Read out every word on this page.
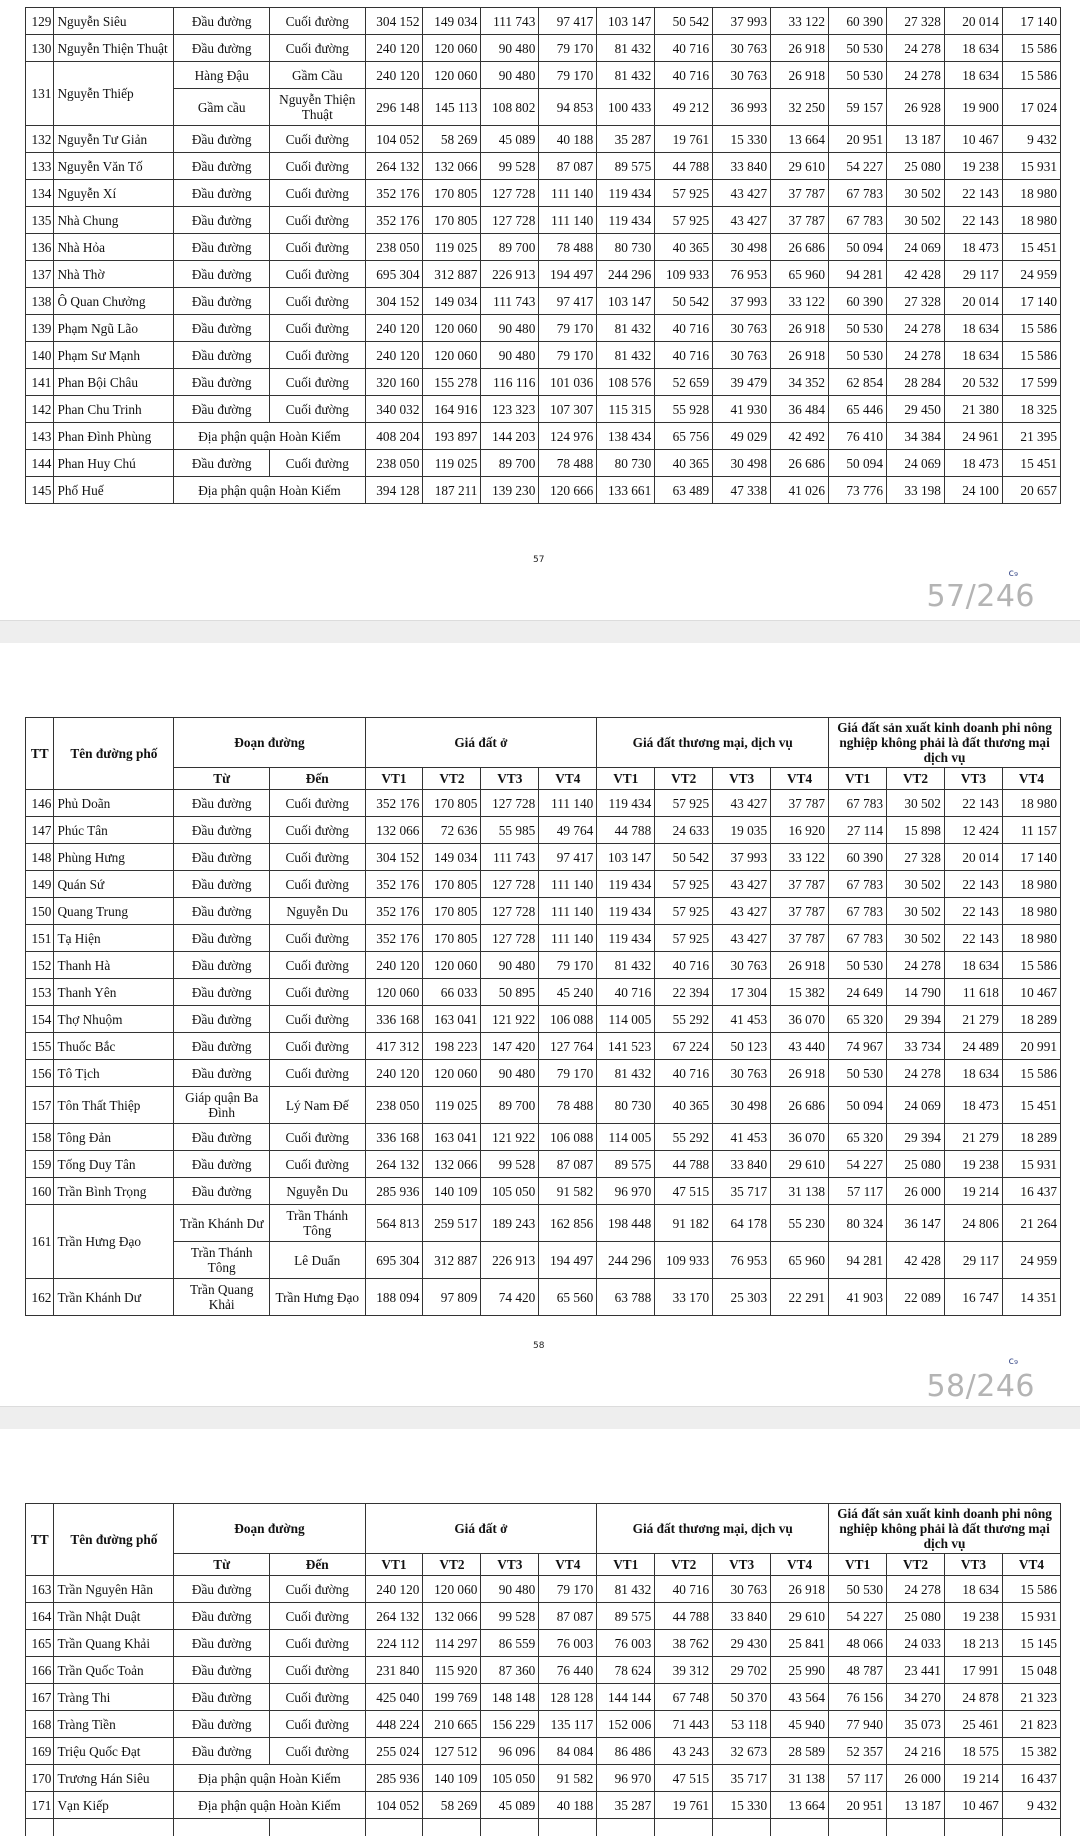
129	Nguyễn Siêu	Đầu đường	Cuối đường	304 152	149 034	111 743	97 417	103 147	50 542	37 993	33 122	60 390	27 328	20 014	17 140
130	Nguyễn Thiện Thuật	Đầu đường	Cuối đường	240 120	120 060	90 480	79 170	81 432	40 716	30 763	26 918	50 530	24 278	18 634	15 586
131	Nguyễn Thiếp	Hàng Đậu	Gầm Cầu	240 120	120 060	90 480	79 170	81 432	40 716	30 763	26 918	50 530	24 278	18 634	15 586
		Gầm cầu	Nguyễn Thiện Thuật	296 148	145 113	108 802	94 853	100 433	49 212	36 993	32 250	59 157	26 928	19 900	17 024
132	Nguyễn Tư Giản	Đầu đường	Cuối đường	104 052	58 269	45 089	40 188	35 287	19 761	15 330	13 664	20 951	13 187	10 467	9 432
133	Nguyễn Văn Tố	Đầu đường	Cuối đường	264 132	132 066	99 528	87 087	89 575	44 788	33 840	29 610	54 227	25 080	19 238	15 931
134	Nguyễn Xí	Đầu đường	Cuối đường	352 176	170 805	127 728	111 140	119 434	57 925	43 427	37 787	67 783	30 502	22 143	18 980
135	Nhà Chung	Đầu đường	Cuối đường	352 176	170 805	127 728	111 140	119 434	57 925	43 427	37 787	67 783	30 502	22 143	18 980
136	Nhà Hỏa	Đầu đường	Cuối đường	238 050	119 025	89 700	78 488	80 730	40 365	30 498	26 686	50 094	24 069	18 473	15 451
137	Nhà Thờ	Đầu đường	Cuối đường	695 304	312 887	226 913	194 497	244 296	109 933	76 953	65 960	94 281	42 428	29 117	24 959
138	Ô Quan Chưởng	Đầu đường	Cuối đường	304 152	149 034	111 743	97 417	103 147	50 542	37 993	33 122	60 390	27 328	20 014	17 140
139	Phạm Ngũ Lão	Đầu đường	Cuối đường	240 120	120 060	90 480	79 170	81 432	40 716	30 763	26 918	50 530	24 278	18 634	15 586
140	Phạm Sư Mạnh	Đầu đường	Cuối đường	240 120	120 060	90 480	79 170	81 432	40 716	30 763	26 918	50 530	24 278	18 634	15 586
141	Phan Bội Châu	Đầu đường	Cuối đường	320 160	155 278	116 116	101 036	108 576	52 659	39 479	34 352	62 854	28 284	20 532	17 599
142	Phan Chu Trinh	Đầu đường	Cuối đường	340 032	164 916	123 323	107 307	115 315	55 928	41 930	36 484	65 446	29 450	21 380	18 325
143	Phan Đình Phùng	Địa phận quận Hoàn Kiếm		408 204	193 897	144 203	124 976	138 434	65 756	49 029	42 492	76 410	34 384	24 961	21 395
144	Phan Huy Chú	Đầu đường	Cuối đường	238 050	119 025	89 700	78 488	80 730	40 365	30 498	26 686	50 094	24 069	18 473	15 451
145	Phố Huế	Địa phận quận Hoàn Kiếm		394 128	187 211	139 230	120 666	133 661	63 489	47 338	41 026	73 776	33 198	24 100	20 657
57
ᴄ₉
57/246
TT	Tên đường phố	Đoạn đường		Giá đất ở				Giá đất thương mại, dịch vụ				Giá đất sản xuất kinh doanh phi nông nghiệp không phải là đất thương mại dịch vụ			
		Từ	Đến	VT1	VT2	VT3	VT4	VT1	VT2	VT3	VT4	VT1	VT2	VT3	VT4
146	Phủ Doãn	Đầu đường	Cuối đường	352 176	170 805	127 728	111 140	119 434	57 925	43 427	37 787	67 783	30 502	22 143	18 980
147	Phúc Tân	Đầu đường	Cuối đường	132 066	72 636	55 985	49 764	44 788	24 633	19 035	16 920	27 114	15 898	12 424	11 157
148	Phùng Hưng	Đầu đường	Cuối đường	304 152	149 034	111 743	97 417	103 147	50 542	37 993	33 122	60 390	27 328	20 014	17 140
149	Quán Sứ	Đầu đường	Cuối đường	352 176	170 805	127 728	111 140	119 434	57 925	43 427	37 787	67 783	30 502	22 143	18 980
150	Quang Trung	Đầu đường	Nguyễn Du	352 176	170 805	127 728	111 140	119 434	57 925	43 427	37 787	67 783	30 502	22 143	18 980
151	Tạ Hiện	Đầu đường	Cuối đường	352 176	170 805	127 728	111 140	119 434	57 925	43 427	37 787	67 783	30 502	22 143	18 980
152	Thanh Hà	Đầu đường	Cuối đường	240 120	120 060	90 480	79 170	81 432	40 716	30 763	26 918	50 530	24 278	18 634	15 586
153	Thanh Yên	Đầu đường	Cuối đường	120 060	66 033	50 895	45 240	40 716	22 394	17 304	15 382	24 649	14 790	11 618	10 467
154	Thợ Nhuộm	Đầu đường	Cuối đường	336 168	163 041	121 922	106 088	114 005	55 292	41 453	36 070	65 320	29 394	21 279	18 289
155	Thuốc Bắc	Đầu đường	Cuối đường	417 312	198 223	147 420	127 764	141 523	67 224	50 123	43 440	74 967	33 734	24 489	20 991
156	Tô Tịch	Đầu đường	Cuối đường	240 120	120 060	90 480	79 170	81 432	40 716	30 763	26 918	50 530	24 278	18 634	15 586
157	Tôn Thất Thiệp	Giáp quận Ba Đình	Lý Nam Đế	238 050	119 025	89 700	78 488	80 730	40 365	30 498	26 686	50 094	24 069	18 473	15 451
158	Tông Đản	Đầu đường	Cuối đường	336 168	163 041	121 922	106 088	114 005	55 292	41 453	36 070	65 320	29 394	21 279	18 289
159	Tống Duy Tân	Đầu đường	Cuối đường	264 132	132 066	99 528	87 087	89 575	44 788	33 840	29 610	54 227	25 080	19 238	15 931
160	Trần Bình Trọng	Đầu đường	Nguyễn Du	285 936	140 109	105 050	91 582	96 970	47 515	35 717	31 138	57 117	26 000	19 214	16 437
161	Trần Hưng Đạo	Trần Khánh Dư	Trần Thánh Tông	564 813	259 517	189 243	162 856	198 448	91 182	64 178	55 230	80 324	36 147	24 806	21 264
		Trần Thánh Tông	Lê Duẩn	695 304	312 887	226 913	194 497	244 296	109 933	76 953	65 960	94 281	42 428	29 117	24 959
162	Trần Khánh Dư	Trần Quang Khải	Trần Hưng Đạo	188 094	97 809	74 420	65 560	63 788	33 170	25 303	22 291	41 903	22 089	16 747	14 351
58
ᴄ₉
58/246
TT	Tên đường phố	Đoạn đường		Giá đất ở				Giá đất thương mại, dịch vụ				Giá đất sản xuất kinh doanh phi nông nghiệp không phải là đất thương mại dịch vụ			
		Từ	Đến	VT1	VT2	VT3	VT4	VT1	VT2	VT3	VT4	VT1	VT2	VT3	VT4
163	Trần Nguyên Hãn	Đầu đường	Cuối đường	240 120	120 060	90 480	79 170	81 432	40 716	30 763	26 918	50 530	24 278	18 634	15 586
164	Trần Nhật Duật	Đầu đường	Cuối đường	264 132	132 066	99 528	87 087	89 575	44 788	33 840	29 610	54 227	25 080	19 238	15 931
165	Trần Quang Khải	Đầu đường	Cuối đường	224 112	114 297	86 559	76 003	76 003	38 762	29 430	25 841	48 066	24 033	18 213	15 145
166	Trần Quốc Toản	Đầu đường	Cuối đường	231 840	115 920	87 360	76 440	78 624	39 312	29 702	25 990	48 787	23 441	17 991	15 048
167	Tràng Thi	Đầu đường	Cuối đường	425 040	199 769	148 148	128 128	144 144	67 748	50 370	43 564	76 156	34 270	24 878	21 323
168	Tràng Tiền	Đầu đường	Cuối đường	448 224	210 665	156 229	135 117	152 006	71 443	53 118	45 940	77 940	35 073	25 461	21 823
169	Triệu Quốc Đạt	Đầu đường	Cuối đường	255 024	127 512	96 096	84 084	86 486	43 243	32 673	28 589	52 357	24 216	18 575	15 382
170	Trương Hán Siêu	Địa phận quận Hoàn Kiếm		285 936	140 109	105 050	91 582	96 970	47 515	35 717	31 138	57 117	26 000	19 214	16 437
171	Vạn Kiếp	Địa phận quận Hoàn Kiếm		104 052	58 269	45 089	40 188	35 287	19 761	15 330	13 664	20 951	13 187	10 467	9 432
